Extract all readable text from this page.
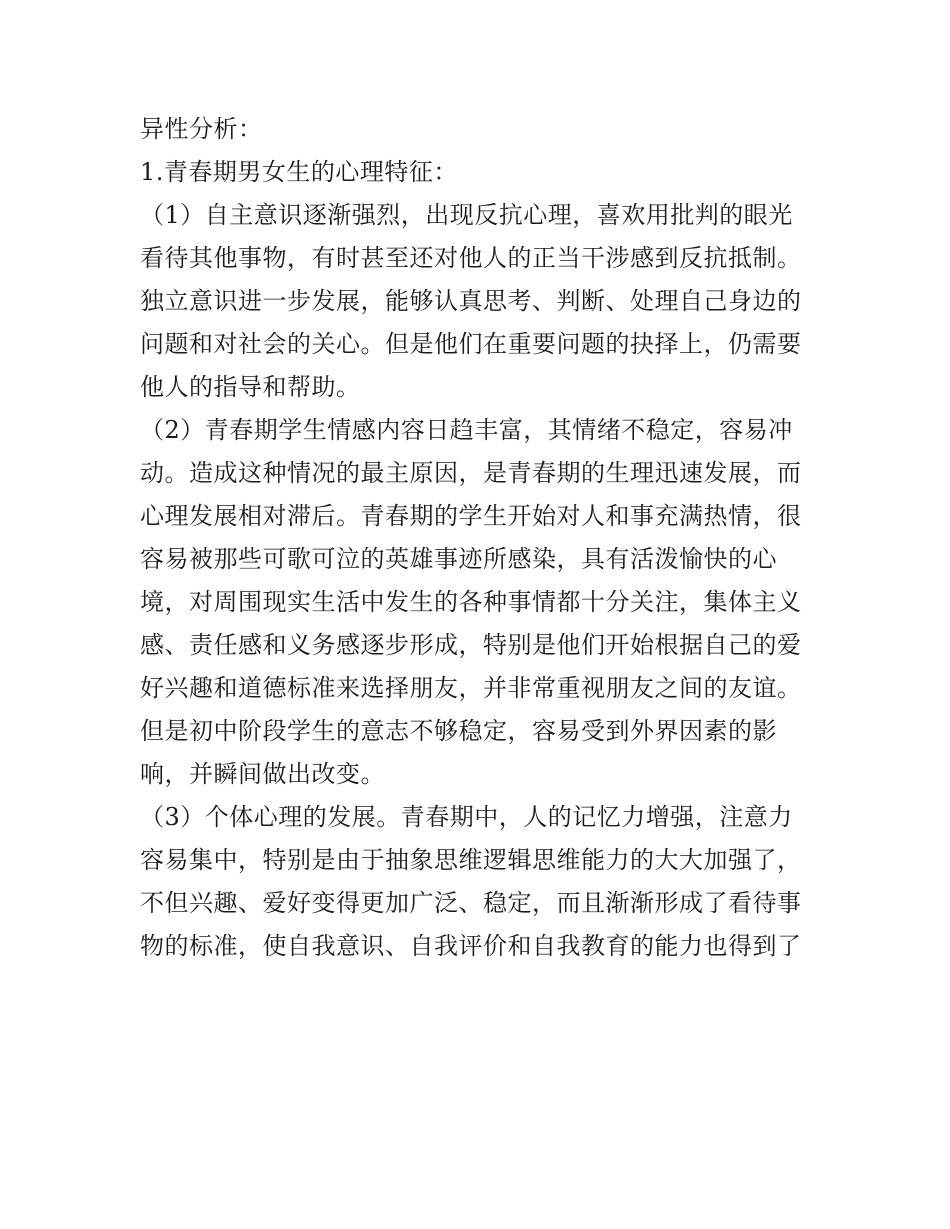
异性分析：
1.青春期男女生的心理特征：
（1）自主意识逐渐强烈，出现反抗心理，喜欢用批判的眼光
看待其他事物，有时甚至还对他人的正当干涉感到反抗抵制。
独立意识进一步发展，能够认真思考、判断、处理自己身边的
问题和对社会的关心。但是他们在重要问题的抉择上，仍需要
他人的指导和帮助。
（2）青春期学生情感内容日趋丰富，其情绪不稳定，容易冲
动。造成这种情况的最主原因，是青春期的生理迅速发展，而
心理发展相对滞后。青春期的学生开始对人和事充满热情，很
容易被那些可歌可泣的英雄事迹所感染，具有活泼愉快的心
境，对周围现实生活中发生的各种事情都十分关注，集体主义
感、责任感和义务感逐步形成，特别是他们开始根据自己的爱
好兴趣和道德标准来选择朋友，并非常重视朋友之间的友谊。
但是初中阶段学生的意志不够稳定，容易受到外界因素的影
响，并瞬间做出改变。
（3）个体心理的发展。青春期中，人的记忆力增强，注意力
容易集中，特别是由于抽象思维逻辑思维能力的大大加强了，
不但兴趣、爱好变得更加广泛、稳定，而且渐渐形成了看待事
物的标准，使自我意识、自我评价和自我教育的能力也得到了
